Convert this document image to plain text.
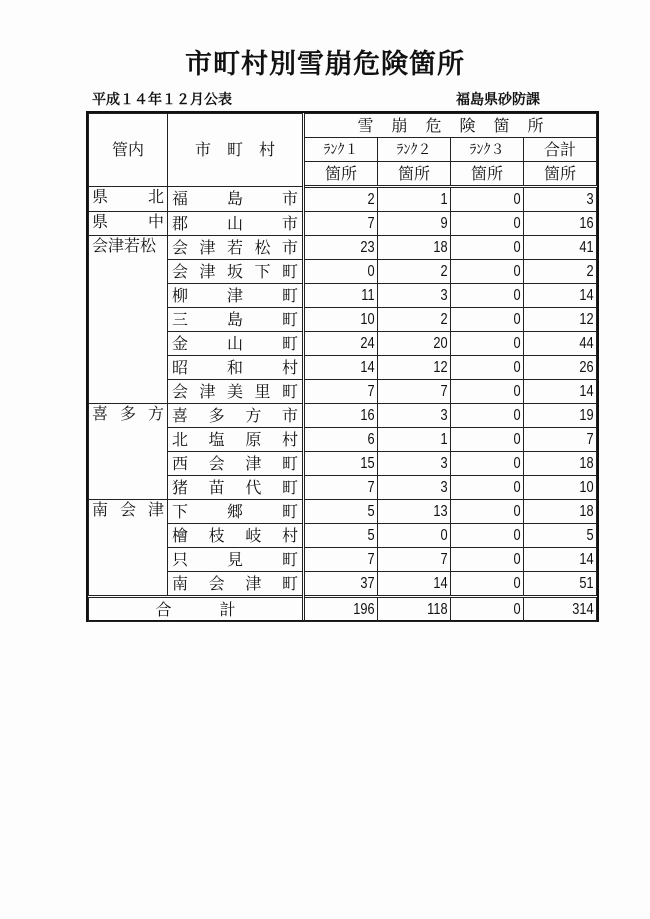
市町村別雪崩危険箇所
平成１４年１２月公表	福島県砂防課
管内	市　町　村	雪崩危険箇所			
		ﾗﾝｸ１	ﾗﾝｸ２	ﾗﾝｸ３	合計
		箇所	箇所	箇所	箇所

県 北	福 島 市	2	1	0	3

県 中	郡 山 市	7	9	0	16

会 津 若 松	会 津 若 松 市	23	18	0	41

	会 津 坂 下 町	0	2	0	2

	柳 津 町	11	3	0	14

	三 島 町	10	2	0	12

	金 山 町	24	20	0	44

	昭 和 村	14	12	0	26

	会 津 美 里 町	7	7	0	14

喜 多 方	喜 多 方 市	16	3	0	19

	北 塩 原 村	6	1	0	7

	西 会 津 町	15	3	0	18

	猪 苗 代 町	7	3	0	10

南 会 津	下 郷 町	5	13	0	18

	檜 枝 岐 村	5	0	0	5

	只 見 町	7	7	0	14

	南 会 津 町	37	14	0	51

合　　　計		196	118	0	314
